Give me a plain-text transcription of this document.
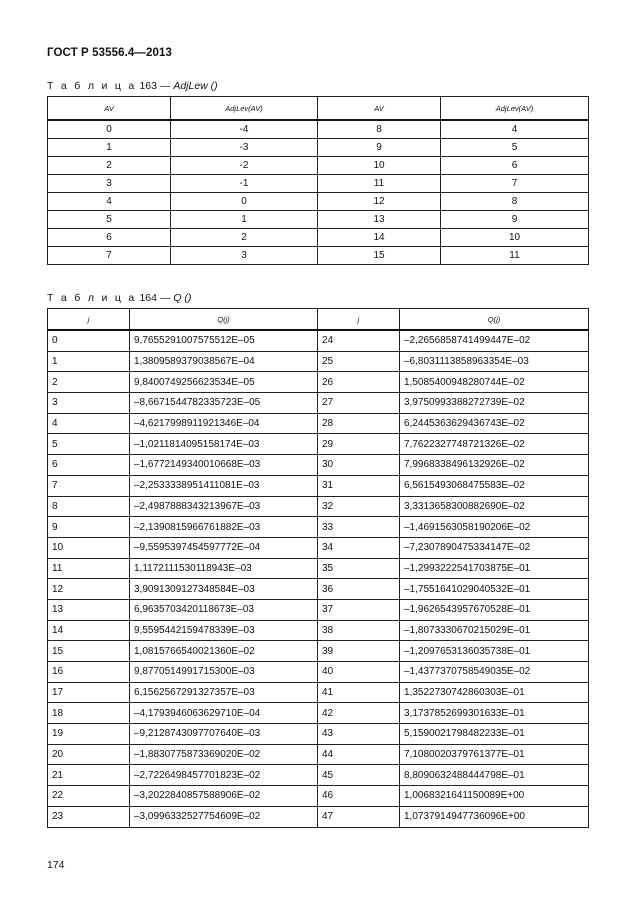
ГОСТ Р 53556.4—2013
Т а б л и ц а 163 — AdjLew ()
AV	AdjLev(AV)	AV	AdjLev(AV)
0	-4	8	4
1	-3	9	5
2	-2	10	6
3	-1	11	7
4	0	12	8
5	1	13	9
6	2	14	10
7	3	15	11
Т а б л и ц а 164 — Q ()
j	Q(j)	j	Q(j)
0	9,7655291007575512E–05	24	–2,2656858741499447E–02
1	1,3809589379038567E–04	25	–6,8031113858963354E–03
2	9,8400749256623534E–05	26	1,5085400948280744E–02
3	–8,6671544782335723E–05	27	3,9750993388272739E–02
4	–4,6217998911921346E–04	28	6,2445363629436743E–02
5	–1,0211814095158174E–03	29	7,7622327748721326E–02
6	–1,6772149340010668E–03	30	7,9968338496132926E–02
7	–2,2533338951411081E–03	31	6,5615493068475583E–02
8	–2,4987888343213967E–03	32	3,3313658300882690E–02
9	–2,1390815966761882E–03	33	–1,4691563058190206E–02
10	–9,5595397454597772E–04	34	–7,2307890475334147E–02
11	1,1172111530118943E–03	35	–1,2993222541703875E–01
12	3,9091309127348584E–03	36	–1,7551641029040532E–01
13	6,9635703420118673E–03	37	–1,9626543957670528E–01
14	9,5595442159478339E–03	38	–1,8073330670215029E–01
15	1,0815766540021360E–02	39	–1,2097653136035738E–01
16	9,8770514991715300E–03	40	–1,4377370758549035E–02
17	6,1562567291327357E–03	41	1,3522730742860303E–01
18	–4,1793946063629710E–04	42	3,1737852699301633E–01
19	–9,2128743097707640E–03	43	5,1590021798482233E–01
20	–1,8830775873369020E–02	44	7,1080020379761377E–01
21	–2,7226498457701823E–02	45	8,8090632488444798E–01
22	–3,2022840857588906E–02	46	1,0068321641150089E+00
23	–3,0996332527754609E–02	47	1,0737914947736096E+00
174
